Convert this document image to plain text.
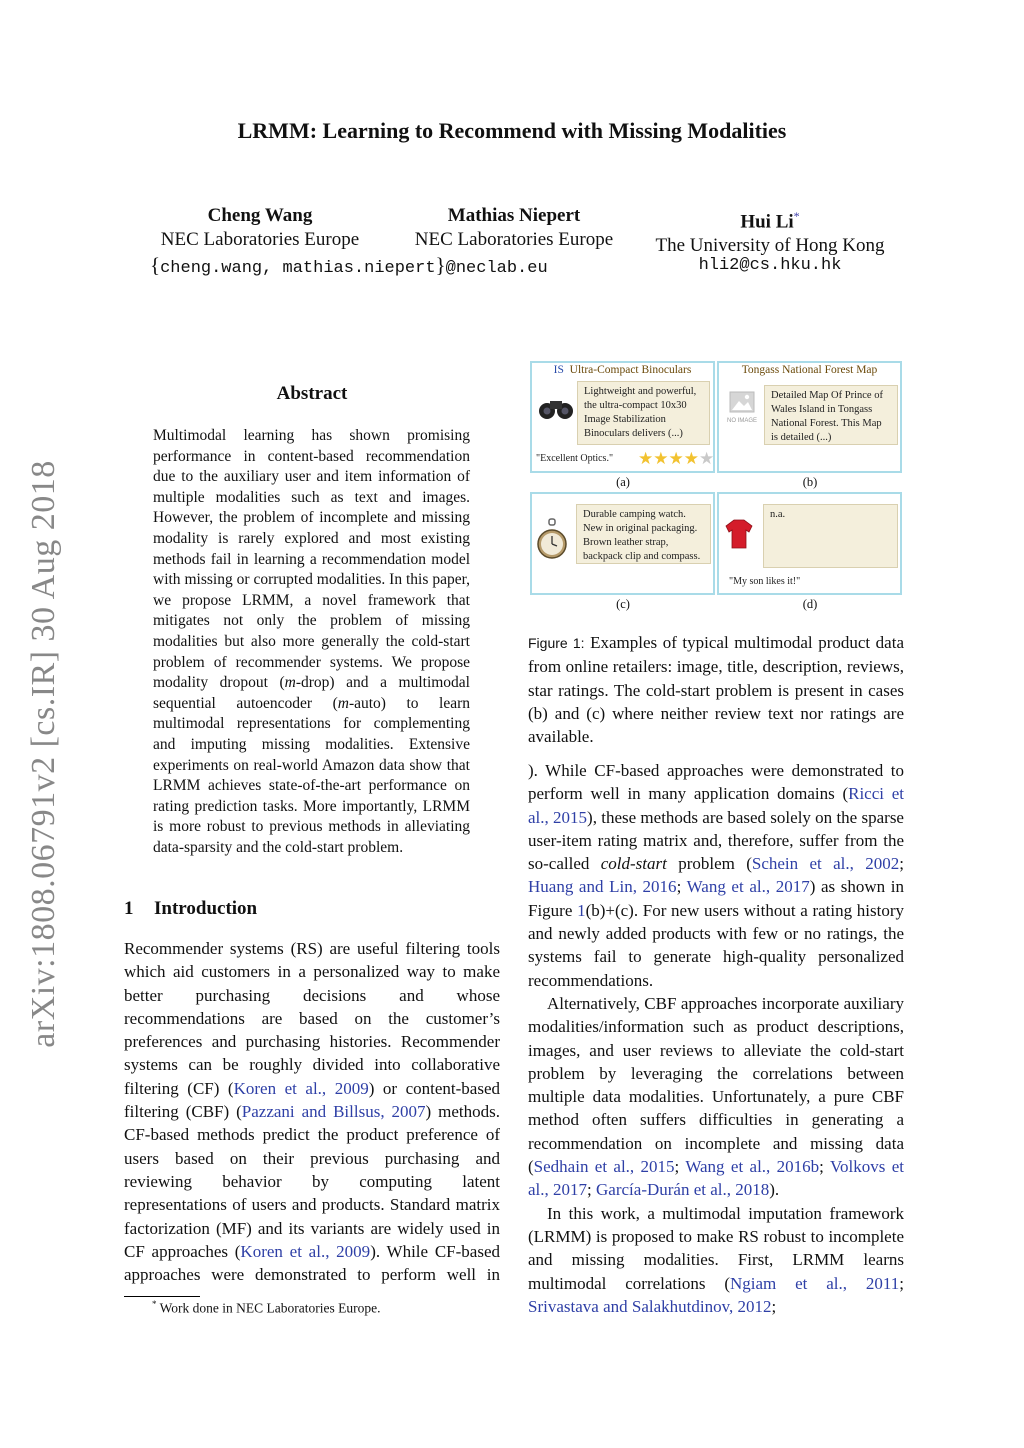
LRMM: Learning to Recommend with Missing Modalities
Cheng Wang
NEC Laboratories Europe
Mathias Niepert
NEC Laboratories Europe
Hui Li*
The University of Hong Kong
{cheng.wang, mathias.niepert}@neclab.eu	hli2@cs.hku.hk
arXiv:1808.06791v2 [cs.IR] 30 Aug 2018
Abstract
Multimodal learning has shown promising performance in content-based recommendation due to the auxiliary user and item information of multiple modalities such as text and images. However, the problem of incomplete and missing modality is rarely explored and most existing methods fail in learning a recommendation model with missing or corrupted modalities. In this paper, we propose LRMM, a novel framework that mitigates not only the problem of missing modalities but also more generally the cold-start problem of recommender systems. We propose modality dropout (m-drop) and a multimodal sequential autoencoder (m-auto) to learn multimodal representations for complementing and imputing missing modalities. Extensive experiments on real-world Amazon data show that LRMM achieves state-of-the-art performance on rating prediction tasks. More importantly, LRMM is more robust to previous methods in alleviating data-sparsity and the cold-start problem.
1 Introduction

Recommender systems (RS) are useful filtering tools which aid customers in a personalized way to make better purchasing decisions and whose recommendations are based on the customer’s preferences and purchasing histories. Recommender systems can be roughly divided into collaborative filtering (CF) (Koren et al., 2009) or content-based filtering (CBF) (Pazzani and Billsus, 2007) methods. CF-based methods predict the product preference of users based on their previous purchasing and reviewing behavior by computing latent representations of users and products. Standard matrix factorization (MF) and its variants are widely used in CF approaches (Koren et al., 2009). While CF-based approaches were demonstrated to perform well in

* Work done in NEC Laboratories Europe.
IS Ultra-Compact Binoculars
Lightweight and powerful, the ultra-compact 10x30 Image Stabilization Binoculars delivers (...)
"Excellent Optics." ★★★★★
Tongass National Forest Map
NO IMAGE
Detailed Map Of Prince of Wales Island in Tongass National Forest. This Map is detailed (...)
(a)	(b)
Durable camping watch. New in original packaging. Brown leather strap, backpack clip and compass.
n.a.
"My son likes it!"
(c)	(d)
Figure 1: Examples of typical multimodal product data from online retailers: image, title, description, reviews, star ratings. The cold-start problem is present in cases (b) and (c) where neither review text nor ratings are available.

). While CF-based approaches were demonstrated to perform well in many application domains (Ricci et al., 2015), these methods are based solely on the sparse user-item rating matrix and, therefore, suffer from the so-called cold-start problem (Schein et al., 2002; Huang and Lin, 2016; Wang et al., 2017) as shown in Figure 1(b)+(c). For new users without a rating history and newly added products with few or no ratings, the systems fail to generate high-quality personalized recommendations.

Alternatively, CBF approaches incorporate auxiliary modalities/information such as product descriptions, images, and user reviews to alleviate the cold-start problem by leveraging the correlations between multiple data modalities. Unfortunately, a pure CBF method often suffers difficulties in generating a recommendation on incomplete and missing data (Sedhain et al., 2015; Wang et al., 2016b; Volkovs et al., 2017; García-Durán et al., 2018).

In this work, a multimodal imputation framework (LRMM) is proposed to make RS robust to incomplete and missing modalities. First, LRMM learns multimodal correlations (Ngiam et al., 2011; Srivastava and Salakhutdinov, 2012;
